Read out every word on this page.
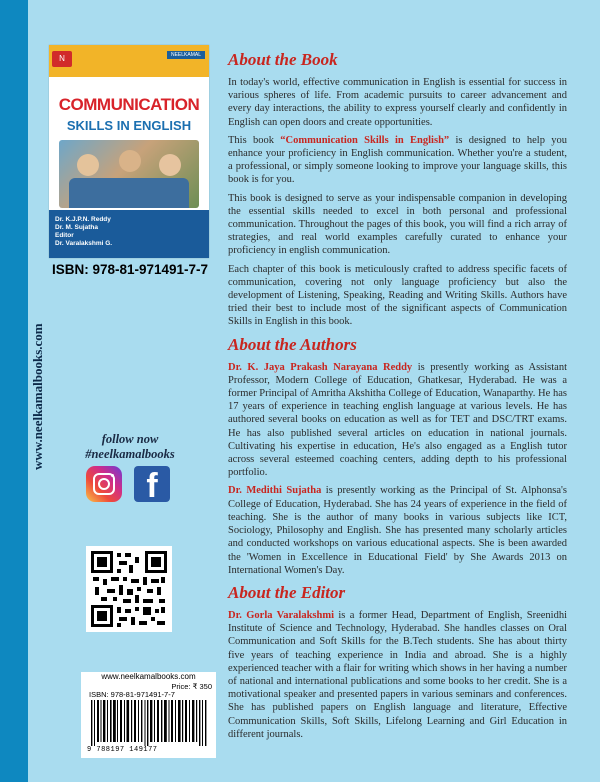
www.neelkamalbooks.com
N	NEELKAMAL
COMMUNICATION
SKILLS IN ENGLISH
Dr. K.J.P.N. Reddy
Dr. M. Sujatha
Editor
Dr. Varalakshmi G.
ISBN: 978-81-971491-7-7
follow now
#neelkamalbooks
f
www.neelkamalbooks.com
Price: ₹ 350
ISBN: 978-81-971491-7-7
9 788197 149177
About the Book

In today's world, effective communication in English is essential for success in various spheres of life. From academic pursuits to career advancement and every day interactions, the ability to express yourself clearly and confidently in English can open doors and create opportunities.

This book “Communication Skills in English” is designed to help you enhance your proficiency in English communication. Whether you're a student, a professional, or simply someone looking to improve your language skills, this book is for you.

This book is designed to serve as your indispensable companion in developing the essential skills needed to excel in both personal and professional communication. Throughout the pages of this book, you will find a rich array of strategies, and real world examples carefully curated to enhance your proficiency in english communication.

Each chapter of this book is meticulously crafted to address specific facets of communication, covering not only language proficiency but also the development of Listening, Speaking, Reading and Writing Skills. Authors have tried their best to include most of the significant aspects of Communication Skills in English in this book.

About the Authors

Dr. K. Jaya Prakash Narayana Reddy is presently working as Assistant Professor, Modern College of Education, Ghatkesar, Hyderabad. He was a former Principal of Amritha Akshitha College of Education, Wanaparthy. He has 17 years of experience in teaching english language at various levels. He has authored several books on education as well as for TET and DSC/TRT exams. He has also published several articles on education in national journals. Cultivating his expertise in education, He's also engaged as a English tutor across several esteemed coaching centers, adding depth to his professional portfolio.

Dr. Medithi Sujatha is presently working as the Principal of St. Alphonsa's College of Education, Hyderabad. She has 24 years of experience in the field of teaching. She is the author of many books in various subjects like ICT, Sociology, Philosophy and English. She has presented many scholarly articles and conducted workshops on various educational aspects. She is been awarded the 'Women in Excellence in Educational Field' by She Awards 2013 on International Women's Day.

About the Editor

Dr. Gorla Varalakshmi is a former Head, Department of English, Sreenidhi Institute of Science and Technology, Hyderabad. She handles classes on Oral Communication and Soft Skills for the B.Tech students. She has about thirty five years of teaching experience in India and abroad. She is a highly experienced teacher with a flair for writing which shows in her having a number of national and international publications and some books to her credit. She is a motivational speaker and presented papers in various seminars and conferences. She has published papers on English language and literature, Effective Communication Skills, Soft Skills, Lifelong Learning and Girl Education in different journals.
